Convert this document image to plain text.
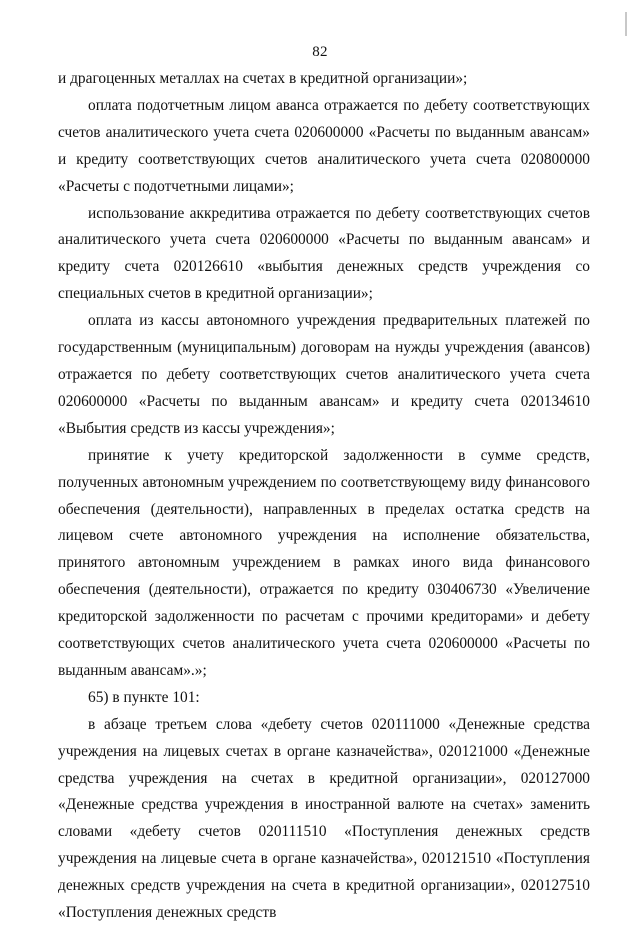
82

и драгоценных металлах на счетах в кредитной организации»;

оплата подотчетным лицом аванса отражается по дебету соответствующих счетов аналитического учета счета 020600000 «Расчеты по выданным авансам» и кредиту соответствующих счетов аналитического учета счета 020800000 «Расчеты с подотчетными лицами»;

использование аккредитива отражается по дебету соответствующих счетов аналитического учета счета 020600000 «Расчеты по выданным авансам» и кредиту счета 020126610 «выбытия денежных средств учреждения со специальных счетов в кредитной организации»;

оплата из кассы автономного учреждения предварительных платежей по государственным (муниципальным) договорам на нужды учреждения (авансов) отражается по дебету соответствующих счетов аналитического учета счета 020600000 «Расчеты по выданным авансам» и кредиту счета 020134610 «Выбытия средств из кассы учреждения»;

принятие к учету кредиторской задолженности в сумме средств, полученных автономным учреждением по соответствующему виду финансового обеспечения (деятельности), направленных в пределах остатка средств на лицевом счете автономного учреждения на исполнение обязательства, принятого автономным учреждением в рамках иного вида финансового обеспечения (деятельности), отражается по кредиту 030406730 «Увеличение кредиторской задолженности по расчетам с прочими кредиторами» и дебету соответствующих счетов аналитического учета счета 020600000 «Расчеты по выданным авансам».»;

65) в пункте 101:

в абзаце третьем слова «дебету счетов 020111000 «Денежные средства учреждения на лицевых счетах в органе казначейства», 020121000 «Денежные средства учреждения на счетах в кредитной организации», 020127000 «Денежные средства учреждения в иностранной валюте на счетах» заменить словами «дебету счетов 020111510 «Поступления денежных средств учреждения на лицевые счета в органе казначейства», 020121510 «Поступления денежных средств учреждения на счета в кредитной организации», 020127510 «Поступления денежных средств
